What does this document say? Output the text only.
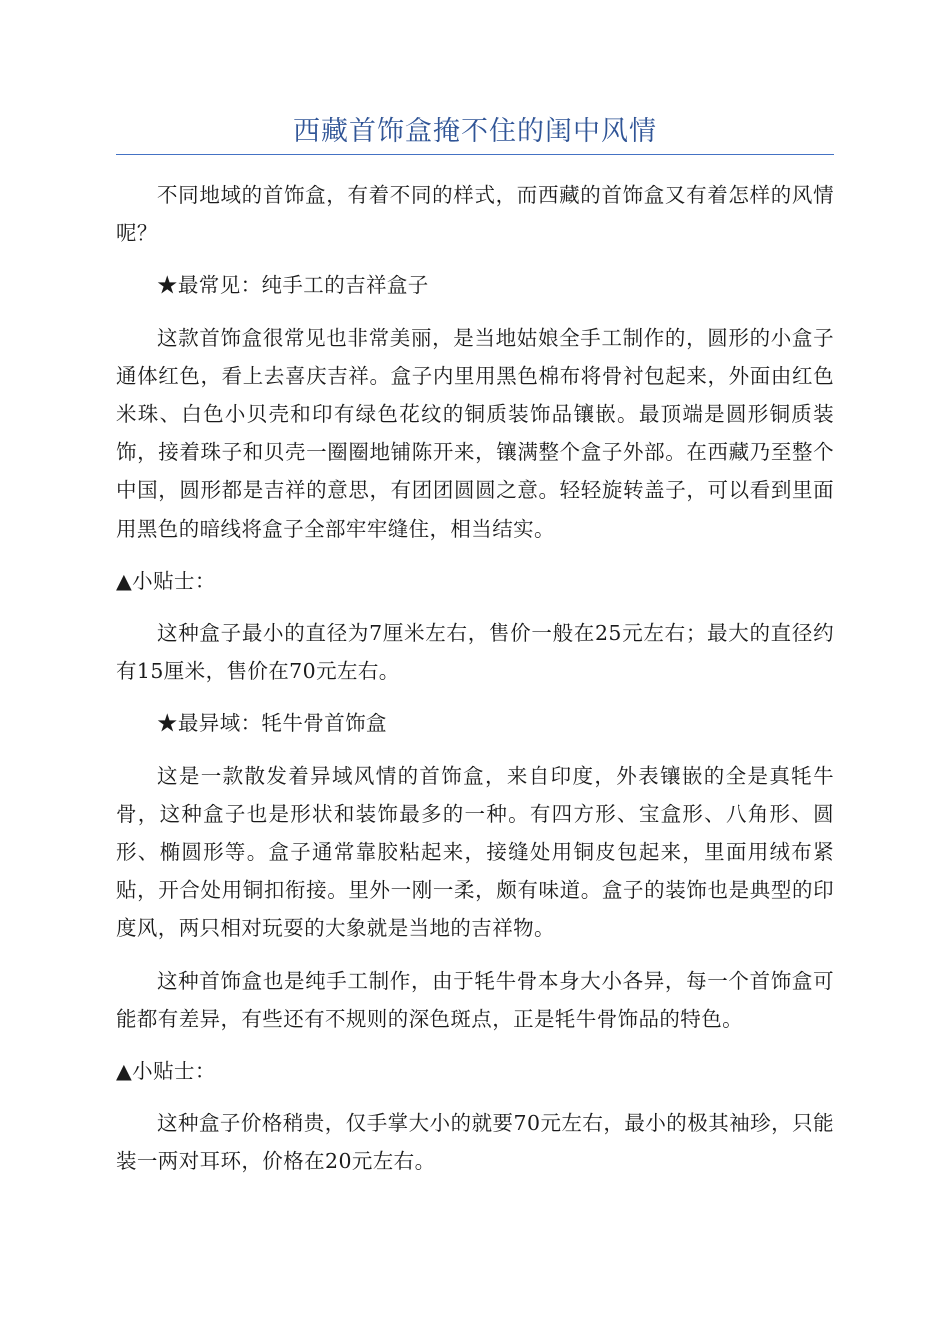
西藏首饰盒掩不住的闺中风情

不同地域的首饰盒，有着不同的样式，而西藏的首饰盒又有着怎样的风情呢？

★最常见：纯手工的吉祥盒子

这款首饰盒很常见也非常美丽，是当地姑娘全手工制作的，圆形的小盒子通体红色，看上去喜庆吉祥。盒子内里用黑色棉布将骨衬包起来，外面由红色米珠、白色小贝壳和印有绿色花纹的铜质装饰品镶嵌。最顶端是圆形铜质装饰，接着珠子和贝壳一圈圈地铺陈开来，镶满整个盒子外部。在西藏乃至整个中国，圆形都是吉祥的意思，有团团圆圆之意。轻轻旋转盖子，可以看到里面用黑色的暗线将盒子全部牢牢缝住，相当结实。

▲小贴士：

这种盒子最小的直径为7厘米左右，售价一般在25元左右；最大的直径约有15厘米，售价在70元左右。

★最异域：牦牛骨首饰盒

这是一款散发着异域风情的首饰盒，来自印度，外表镶嵌的全是真牦牛骨，这种盒子也是形状和装饰最多的一种。有四方形、宝盒形、八角形、圆形、椭圆形等。盒子通常靠胶粘起来，接缝处用铜皮包起来，里面用绒布紧贴，开合处用铜扣衔接。里外一刚一柔，颇有味道。盒子的装饰也是典型的印度风，两只相对玩耍的大象就是当地的吉祥物。

这种首饰盒也是纯手工制作，由于牦牛骨本身大小各异，每一个首饰盒可能都有差异，有些还有不规则的深色斑点，正是牦牛骨饰品的特色。

▲小贴士：

这种盒子价格稍贵，仅手掌大小的就要70元左右，最小的极其袖珍，只能装一两对耳环，价格在20元左右。
